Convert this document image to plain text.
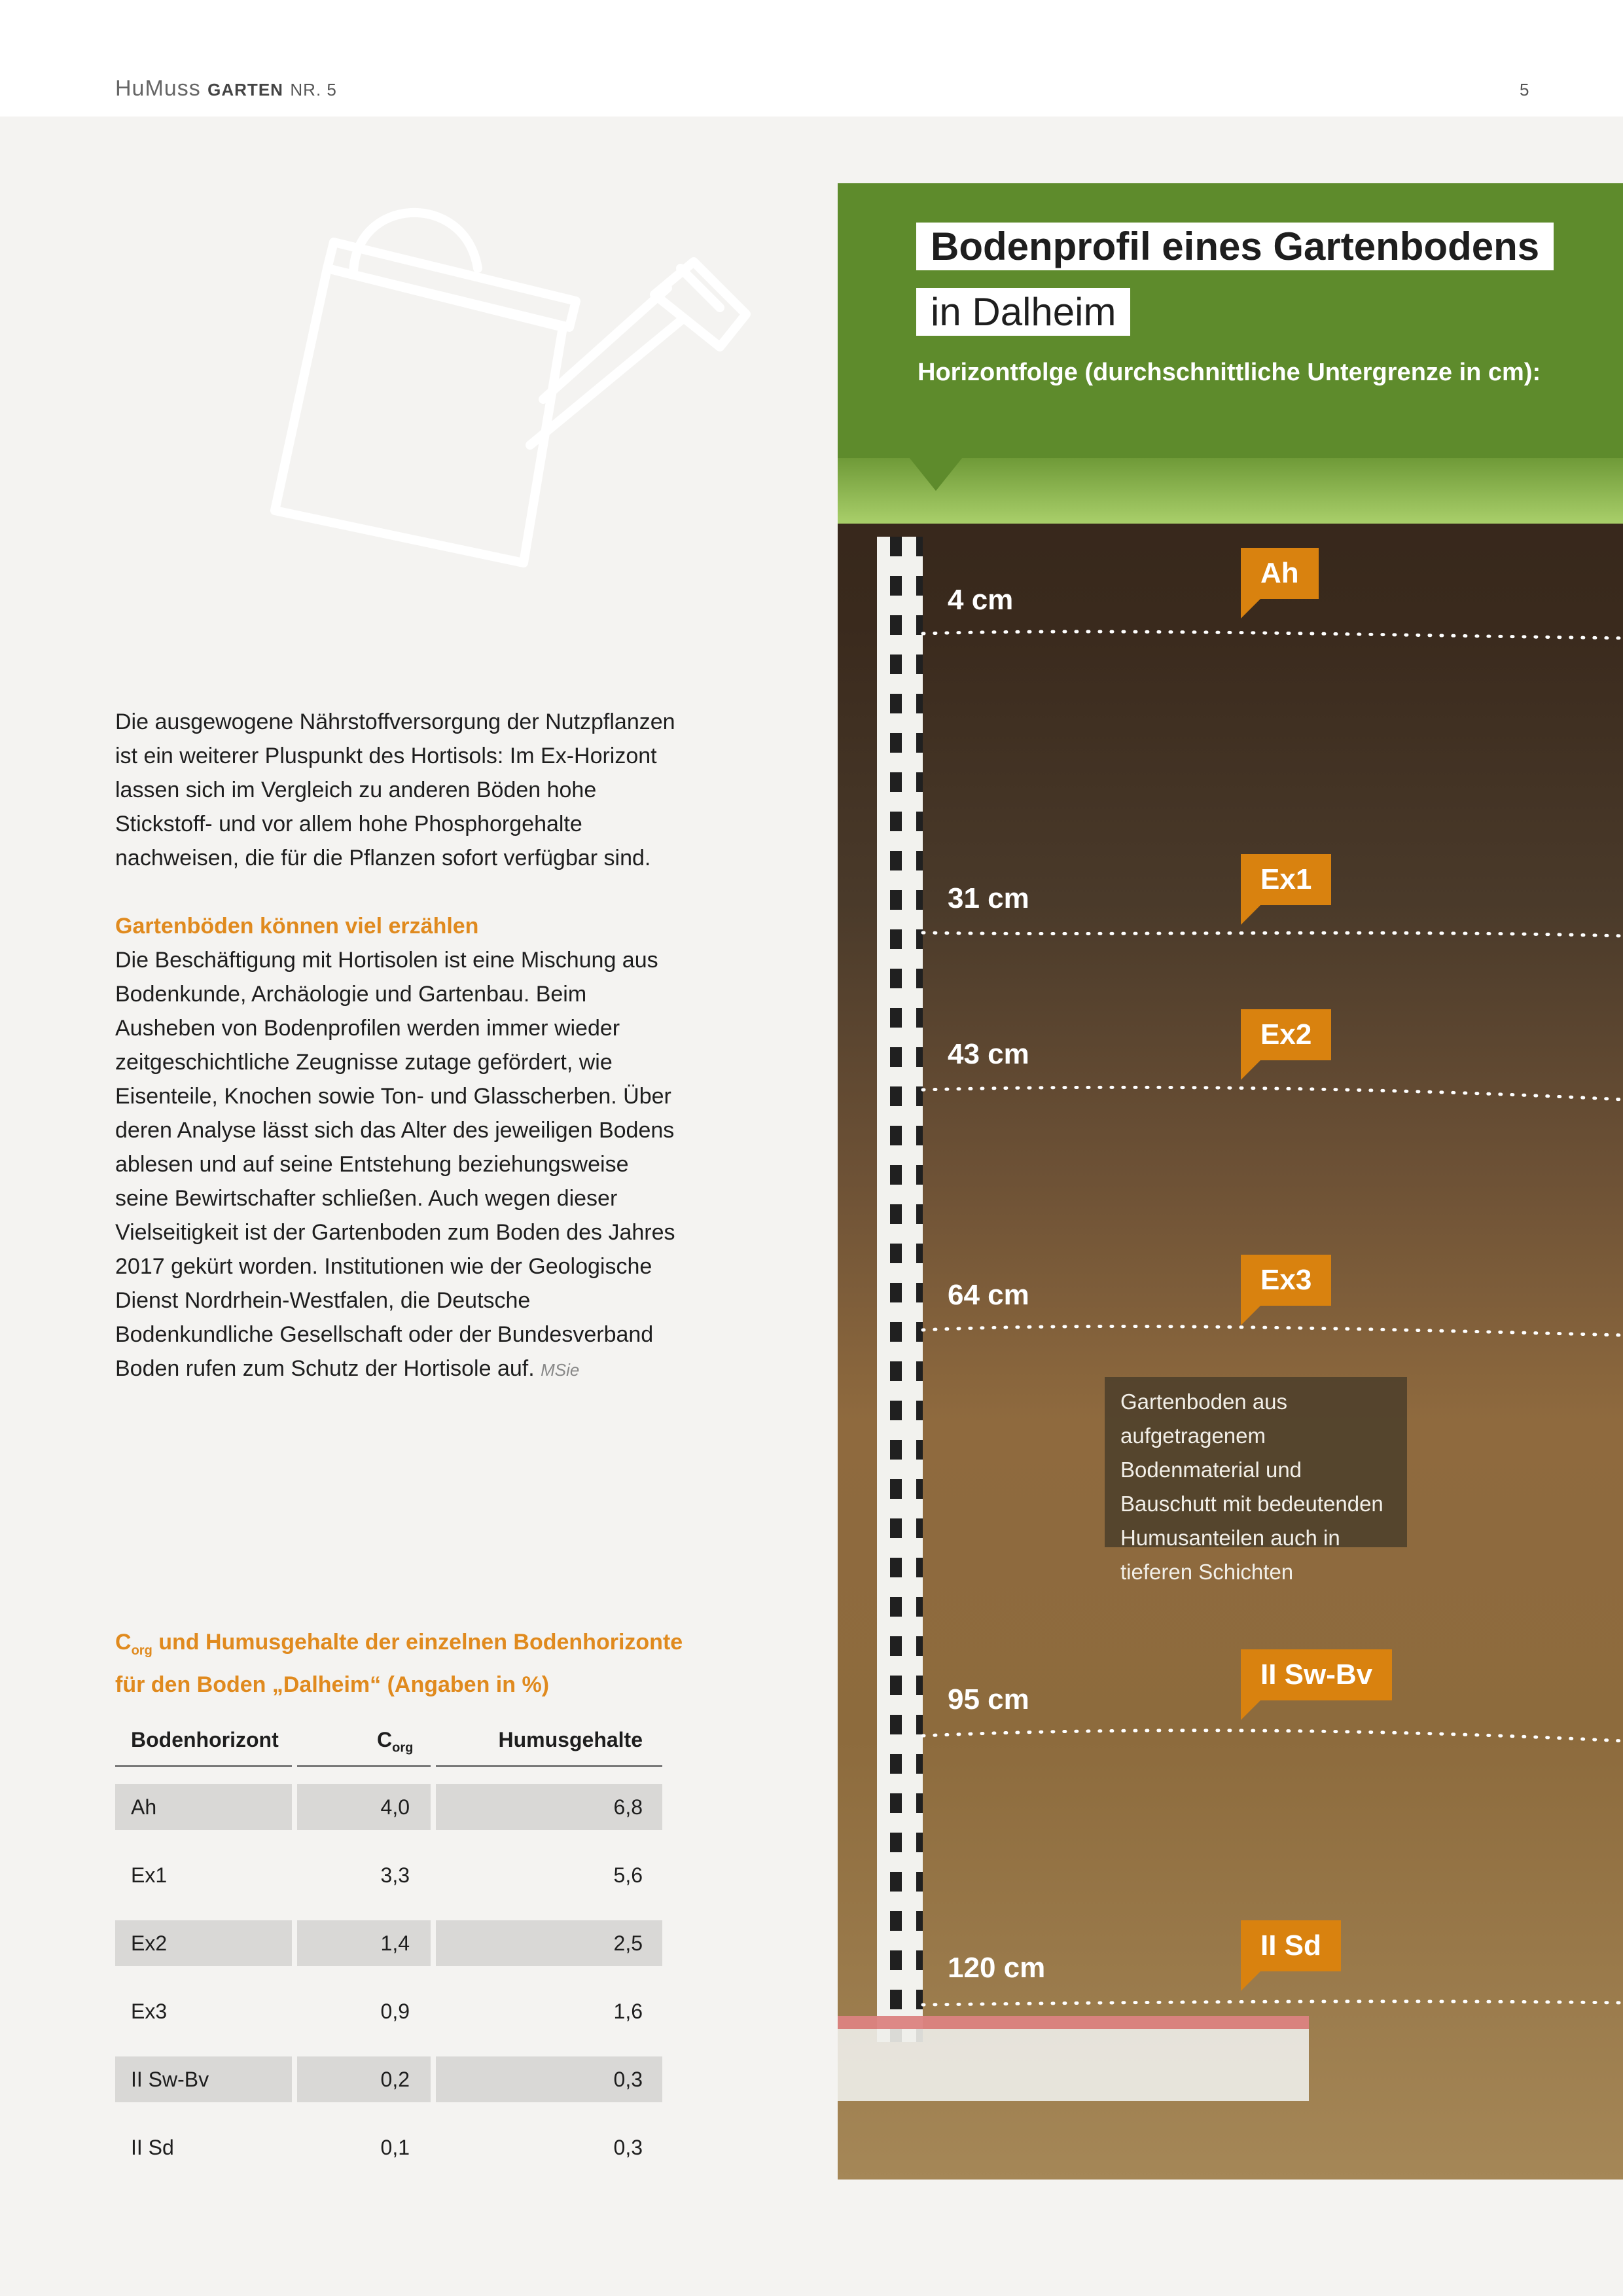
HuMuss GARTEN NR. 5	5

Die ausgewogene Nährstoffversorgung der Nutzpflanzen ist ein weiterer Pluspunkt des Hortisols: Im Ex-Horizont lassen sich im Vergleich zu anderen Böden hohe Stickstoff- und vor allem hohe Phosphorgehalte nachweisen, die für die Pflanzen sofort verfügbar sind.

Gartenböden können viel erzählen

Die Beschäftigung mit Hortisolen ist eine Mischung aus Bodenkunde, Archäologie und Gartenbau. Beim Ausheben von Bodenprofilen werden immer wieder zeitgeschichtliche Zeugnisse zutage gefördert, wie Eisenteile, Knochen sowie Ton- und Glasscherben. Über deren Analyse lässt sich das Alter des jeweiligen Bodens ablesen und auf seine Entstehung beziehungsweise seine Bewirtschafter schließen. Auch wegen dieser Vielseitigkeit ist der Gartenboden zum Boden des Jahres 2017 gekürt worden. Institutionen wie der Geologische Dienst Nordrhein-Westfalen, die Deutsche Bodenkundliche Gesellschaft oder der Bundesverband Boden rufen zum Schutz der Hortisole auf. MSie

$C_{org}$ und Humusgehalte der einzelnen Bodenhorizonte
für den Boden „Dalheim“ (Angaben in %)
Bodenhorizont	$C_{org}$	Humusgehalte
Ah	4,0	6,8
Ex1	3,3	5,6
Ex2	1,4	2,5
Ex3	0,9	1,6
II Sw-Bv	0,2	0,3
II Sd	0,1	0,3
Bodenprofil eines Gartenbodens
in Dalheim
Horizontfolge (durchschnittliche Untergrenze in cm):
4 cm
31 cm
43 cm
64 cm
95 cm
120 cm
Ah
Ex1
Ex2
Ex3
II Sw-Bv
II Sd
Gartenboden aus aufgetragenem Bodenmaterial und Bauschutt mit bedeutenden Humusanteilen auch in tieferen Schichten
